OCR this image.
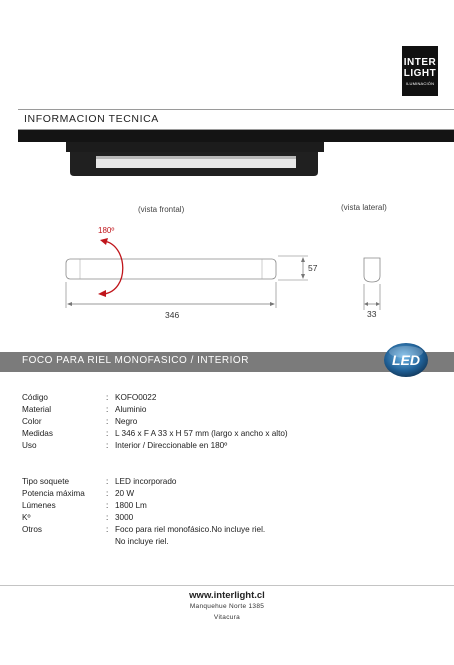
INTER
LIGHT
ILUMINACIÓN
INFORMACION TECNICA
(vista frontal)	(vista lateral)
180º
346
57
33
FOCO PARA RIEL MONOFASICO / INTERIOR	LED
Código	: KOFO0022
Material	: Aluminio
Color	: Negro
Medidas	: L 346 x F A 33 x H 57 mm (largo x ancho x alto)
Uso	: Interior / Direccionable en 180º
Tipo soquete	: LED incorporado
Potencia máxima	: 20 W
Lúmenes	: 1800 Lm
Kº	: 3000
Otros	: Foco para riel monofásico.No incluye riel.
No incluye riel.
www.interlight.cl
Manquehue Norte 1385
Vitacura
